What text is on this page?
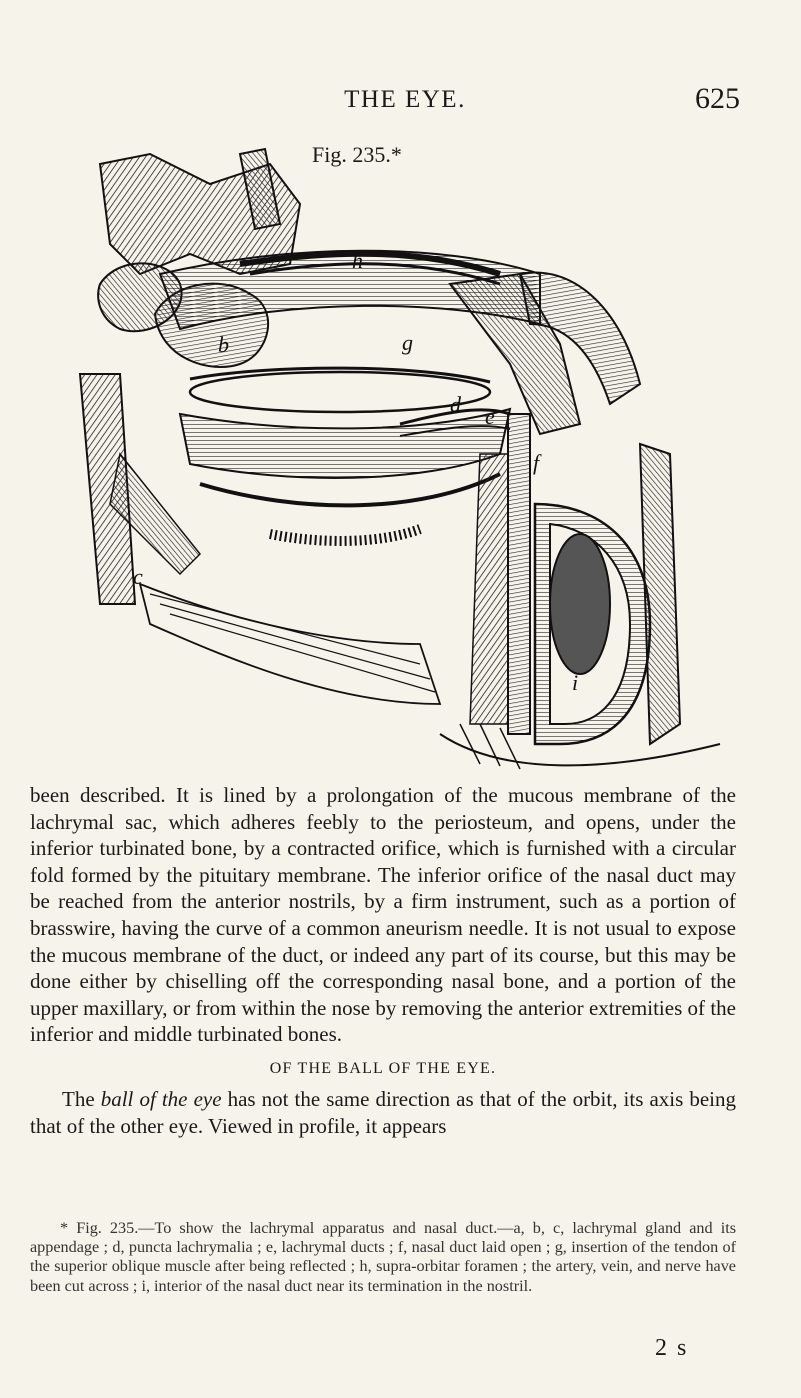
THE EYE.	625
Fig. 235.*
h
g
b
d
c
e
f
i

been described. It is lined by a prolongation of the mucous membrane of the lachrymal sac, which adheres feebly to the periosteum, and opens, under the inferior turbinated bone, by a contracted orifice, which is furnished with a circular fold formed by the pituitary membrane. The inferior orifice of the nasal duct may be reached from the anterior nostrils, by a firm instrument, such as a portion of brasswire, having the curve of a common aneurism needle. It is not usual to expose the mucous membrane of the duct, or indeed any part of its course, but this may be done either by chiselling off the corresponding nasal bone, and a portion of the upper maxillary, or from within the nose by removing the anterior extremities of the inferior and middle turbinated bones.

OF THE BALL OF THE EYE.

The ball of the eye has not the same direction as that of the orbit, its axis being that of the other eye. Viewed in profile, it appears

* Fig. 235.—To show the lachrymal apparatus and nasal duct.—a, b, c, lachrymal gland and its appendage ; d, puncta lachrymalia ; e, lachrymal ducts ; f, nasal duct laid open ; g, insertion of the tendon of the superior oblique muscle after being reflected ; h, supra-orbitar foramen ; the artery, vein, and nerve have been cut across ; i, interior of the nasal duct near its termination in the nostril.

2 s
